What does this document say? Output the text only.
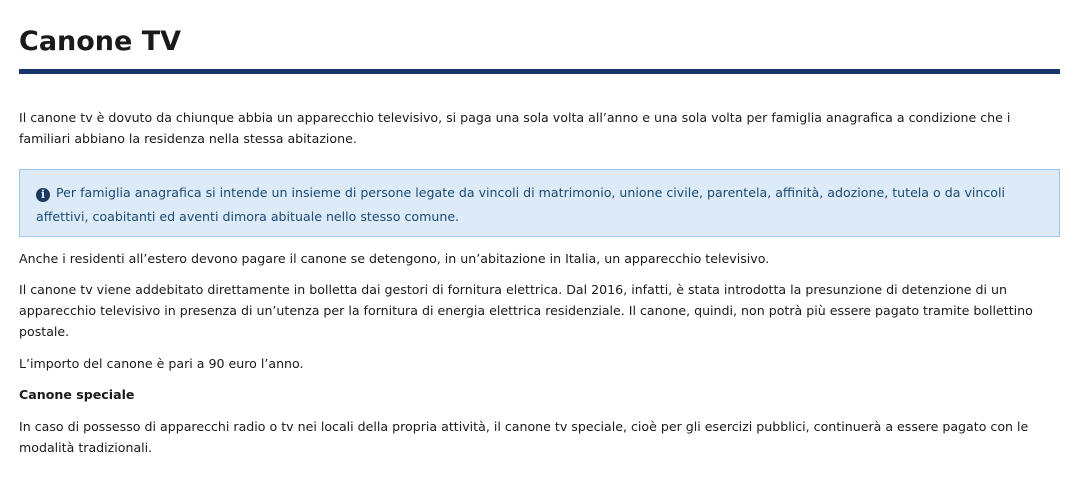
Canone TV

Il canone tv è dovuto da chiunque abbia un apparecchio televisivo, si paga una sola volta all’anno e una sola volta per famiglia anagrafica a condizione che i familiari abbiano la residenza nella stessa abitazione.

i Per famiglia anagrafica si intende un insieme di persone legate da vincoli di matrimonio, unione civile, parentela, affinità, adozione, tutela o da vincoli affettivi, coabitanti ed aventi dimora abituale nello stesso comune.

Anche i residenti all’estero devono pagare il canone se detengono, in un’abitazione in Italia, un apparecchio televisivo.

Il canone tv viene addebitato direttamente in bolletta dai gestori di fornitura elettrica. Dal 2016, infatti, è stata introdotta la presunzione di detenzione di un apparecchio televisivo in presenza di un’utenza per la fornitura di energia elettrica residenziale. Il canone, quindi, non potrà più essere pagato tramite bollettino postale.

L’importo del canone è pari a 90 euro l’anno.

Canone speciale

In caso di possesso di apparecchi radio o tv nei locali della propria attività, il canone tv speciale, cioè per gli esercizi pubblici, continuerà a essere pagato con le modalità tradizionali.
